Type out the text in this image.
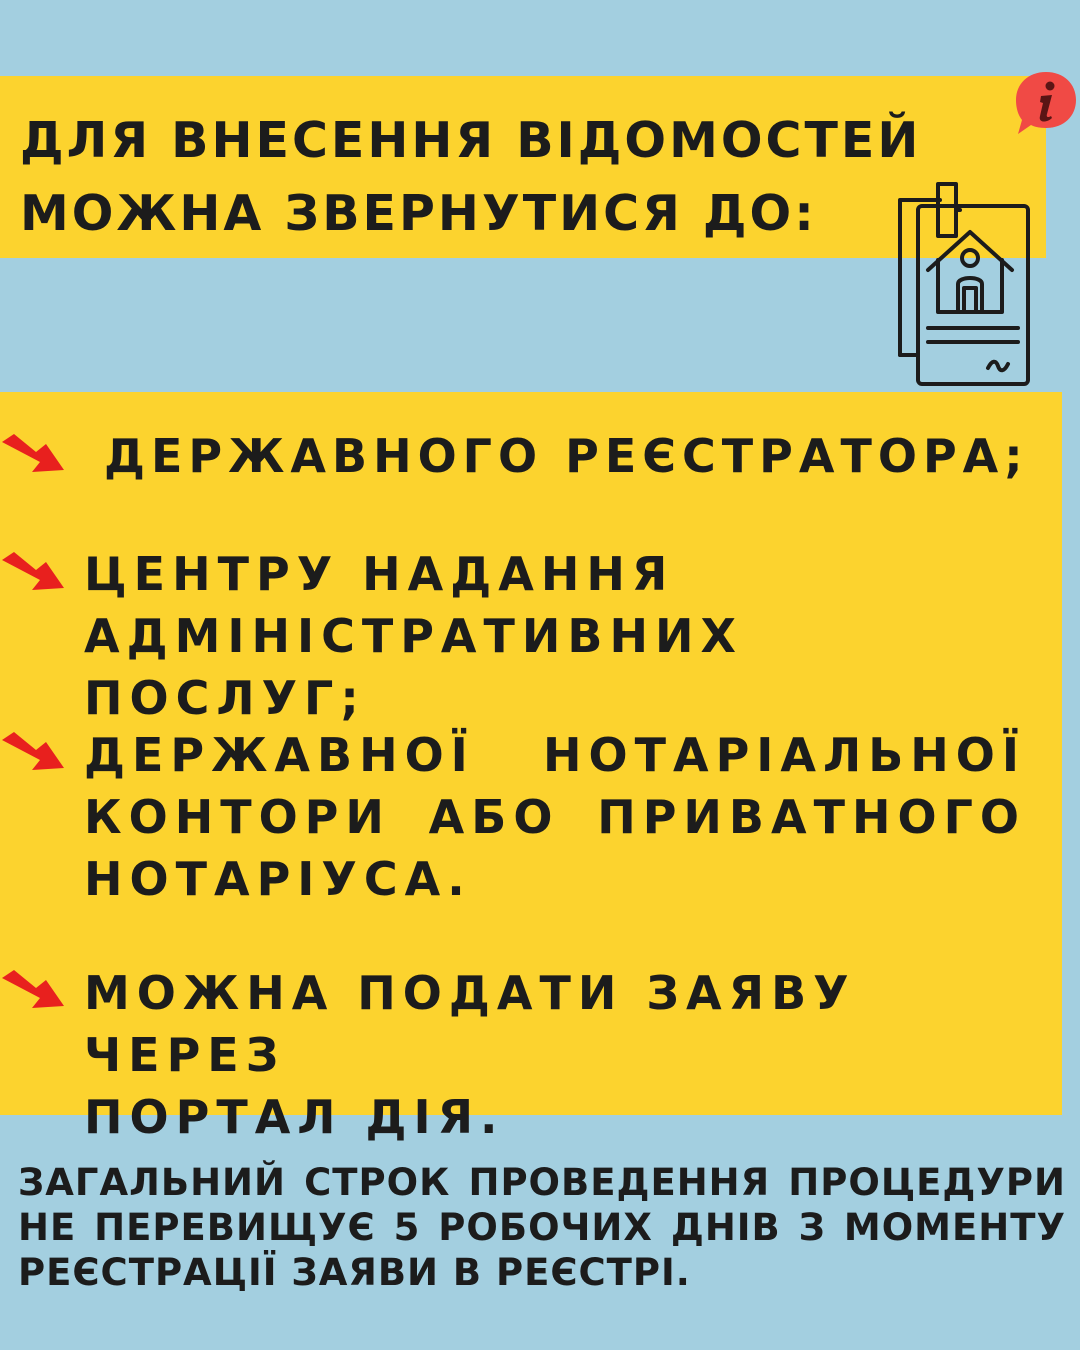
ДЛЯ ВНЕСЕННЯ ВІДОМОСТЕЙ
МОЖНА ЗВЕРНУТИСЯ ДО:

ДЕРЖАВНОГО РЕЄСТРАТОРА;

ЦЕНТРУ НАДАННЯ
АДМІНІСТРАТИВНИХ ПОСЛУГ;

ДЕРЖАВНОЇ НОТАРІАЛЬНОЇ
КОНТОРИ АБО ПРИВАТНОГО
НОТАРІУСА.

МОЖНА ПОДАТИ ЗАЯВУ ЧЕРЕЗ
ПОРТАЛ ДІЯ.

ЗАГАЛЬНИЙ СТРОК ПРОВЕДЕННЯ ПРОЦЕДУРИ
НЕ ПЕРЕВИЩУЄ 5 РОБОЧИХ ДНІВ З МОМЕНТУ
РЕЄСТРАЦІЇ ЗАЯВИ В РЕЄСТРІ.
